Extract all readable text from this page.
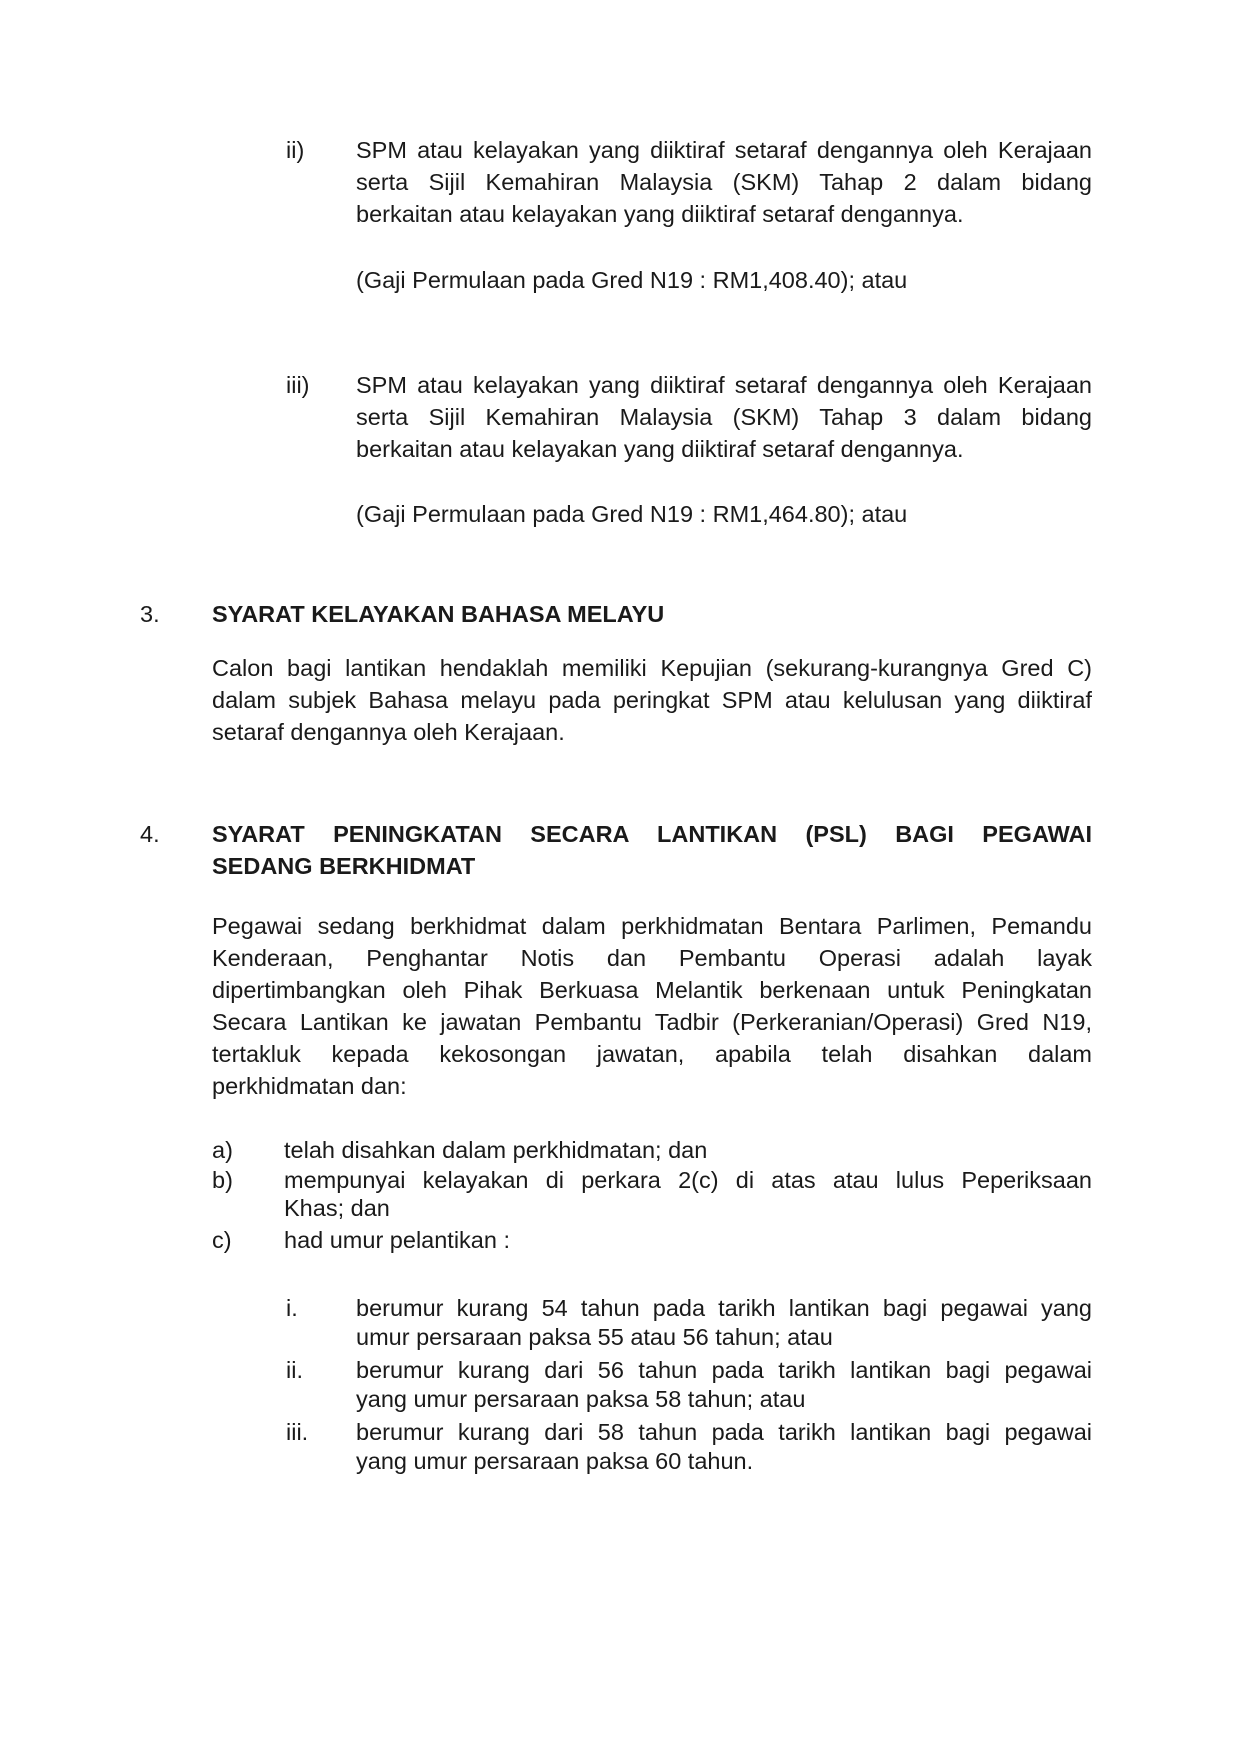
ii) SPM atau kelayakan yang diiktiraf setaraf dengannya oleh Kerajaan
serta Sijil Kemahiran Malaysia (SKM) Tahap 2 dalam bidang
berkaitan atau kelayakan yang diiktiraf setaraf dengannya.
(Gaji Permulaan pada Gred N19 : RM1,408.40); atau
iii) SPM atau kelayakan yang diiktiraf setaraf dengannya oleh Kerajaan
serta Sijil Kemahiran Malaysia (SKM) Tahap 3 dalam bidang
berkaitan atau kelayakan yang diiktiraf setaraf dengannya.
(Gaji Permulaan pada Gred N19 : RM1,464.80); atau
3. SYARAT KELAYAKAN BAHASA MELAYU
Calon bagi lantikan hendaklah memiliki Kepujian (sekurang-kurangnya Gred C)
dalam subjek Bahasa melayu pada peringkat SPM atau kelulusan yang diiktiraf
setaraf dengannya oleh Kerajaan.
4. SYARAT PENINGKATAN SECARA LANTIKAN (PSL) BAGI PEGAWAI
SEDANG BERKHIDMAT
Pegawai sedang berkhidmat dalam perkhidmatan Bentara Parlimen, Pemandu
Kenderaan, Penghantar Notis dan Pembantu Operasi adalah layak
dipertimbangkan oleh Pihak Berkuasa Melantik berkenaan untuk Peningkatan
Secara Lantikan ke jawatan Pembantu Tadbir (Perkeranian/Operasi) Gred N19,
tertakluk kepada kekosongan jawatan, apabila telah disahkan dalam
perkhidmatan dan:
a) telah disahkan dalam perkhidmatan; dan
b) mempunyai kelayakan di perkara 2(c) di atas atau lulus Peperiksaan
Khas; dan
c) had umur pelantikan :
i. berumur kurang 54 tahun pada tarikh lantikan bagi pegawai yang
umur persaraan paksa 55 atau 56 tahun; atau
ii. berumur kurang dari 56 tahun pada tarikh lantikan bagi pegawai
yang umur persaraan paksa 58 tahun; atau
iii. berumur kurang dari 58 tahun pada tarikh lantikan bagi pegawai
yang umur persaraan paksa 60 tahun.
